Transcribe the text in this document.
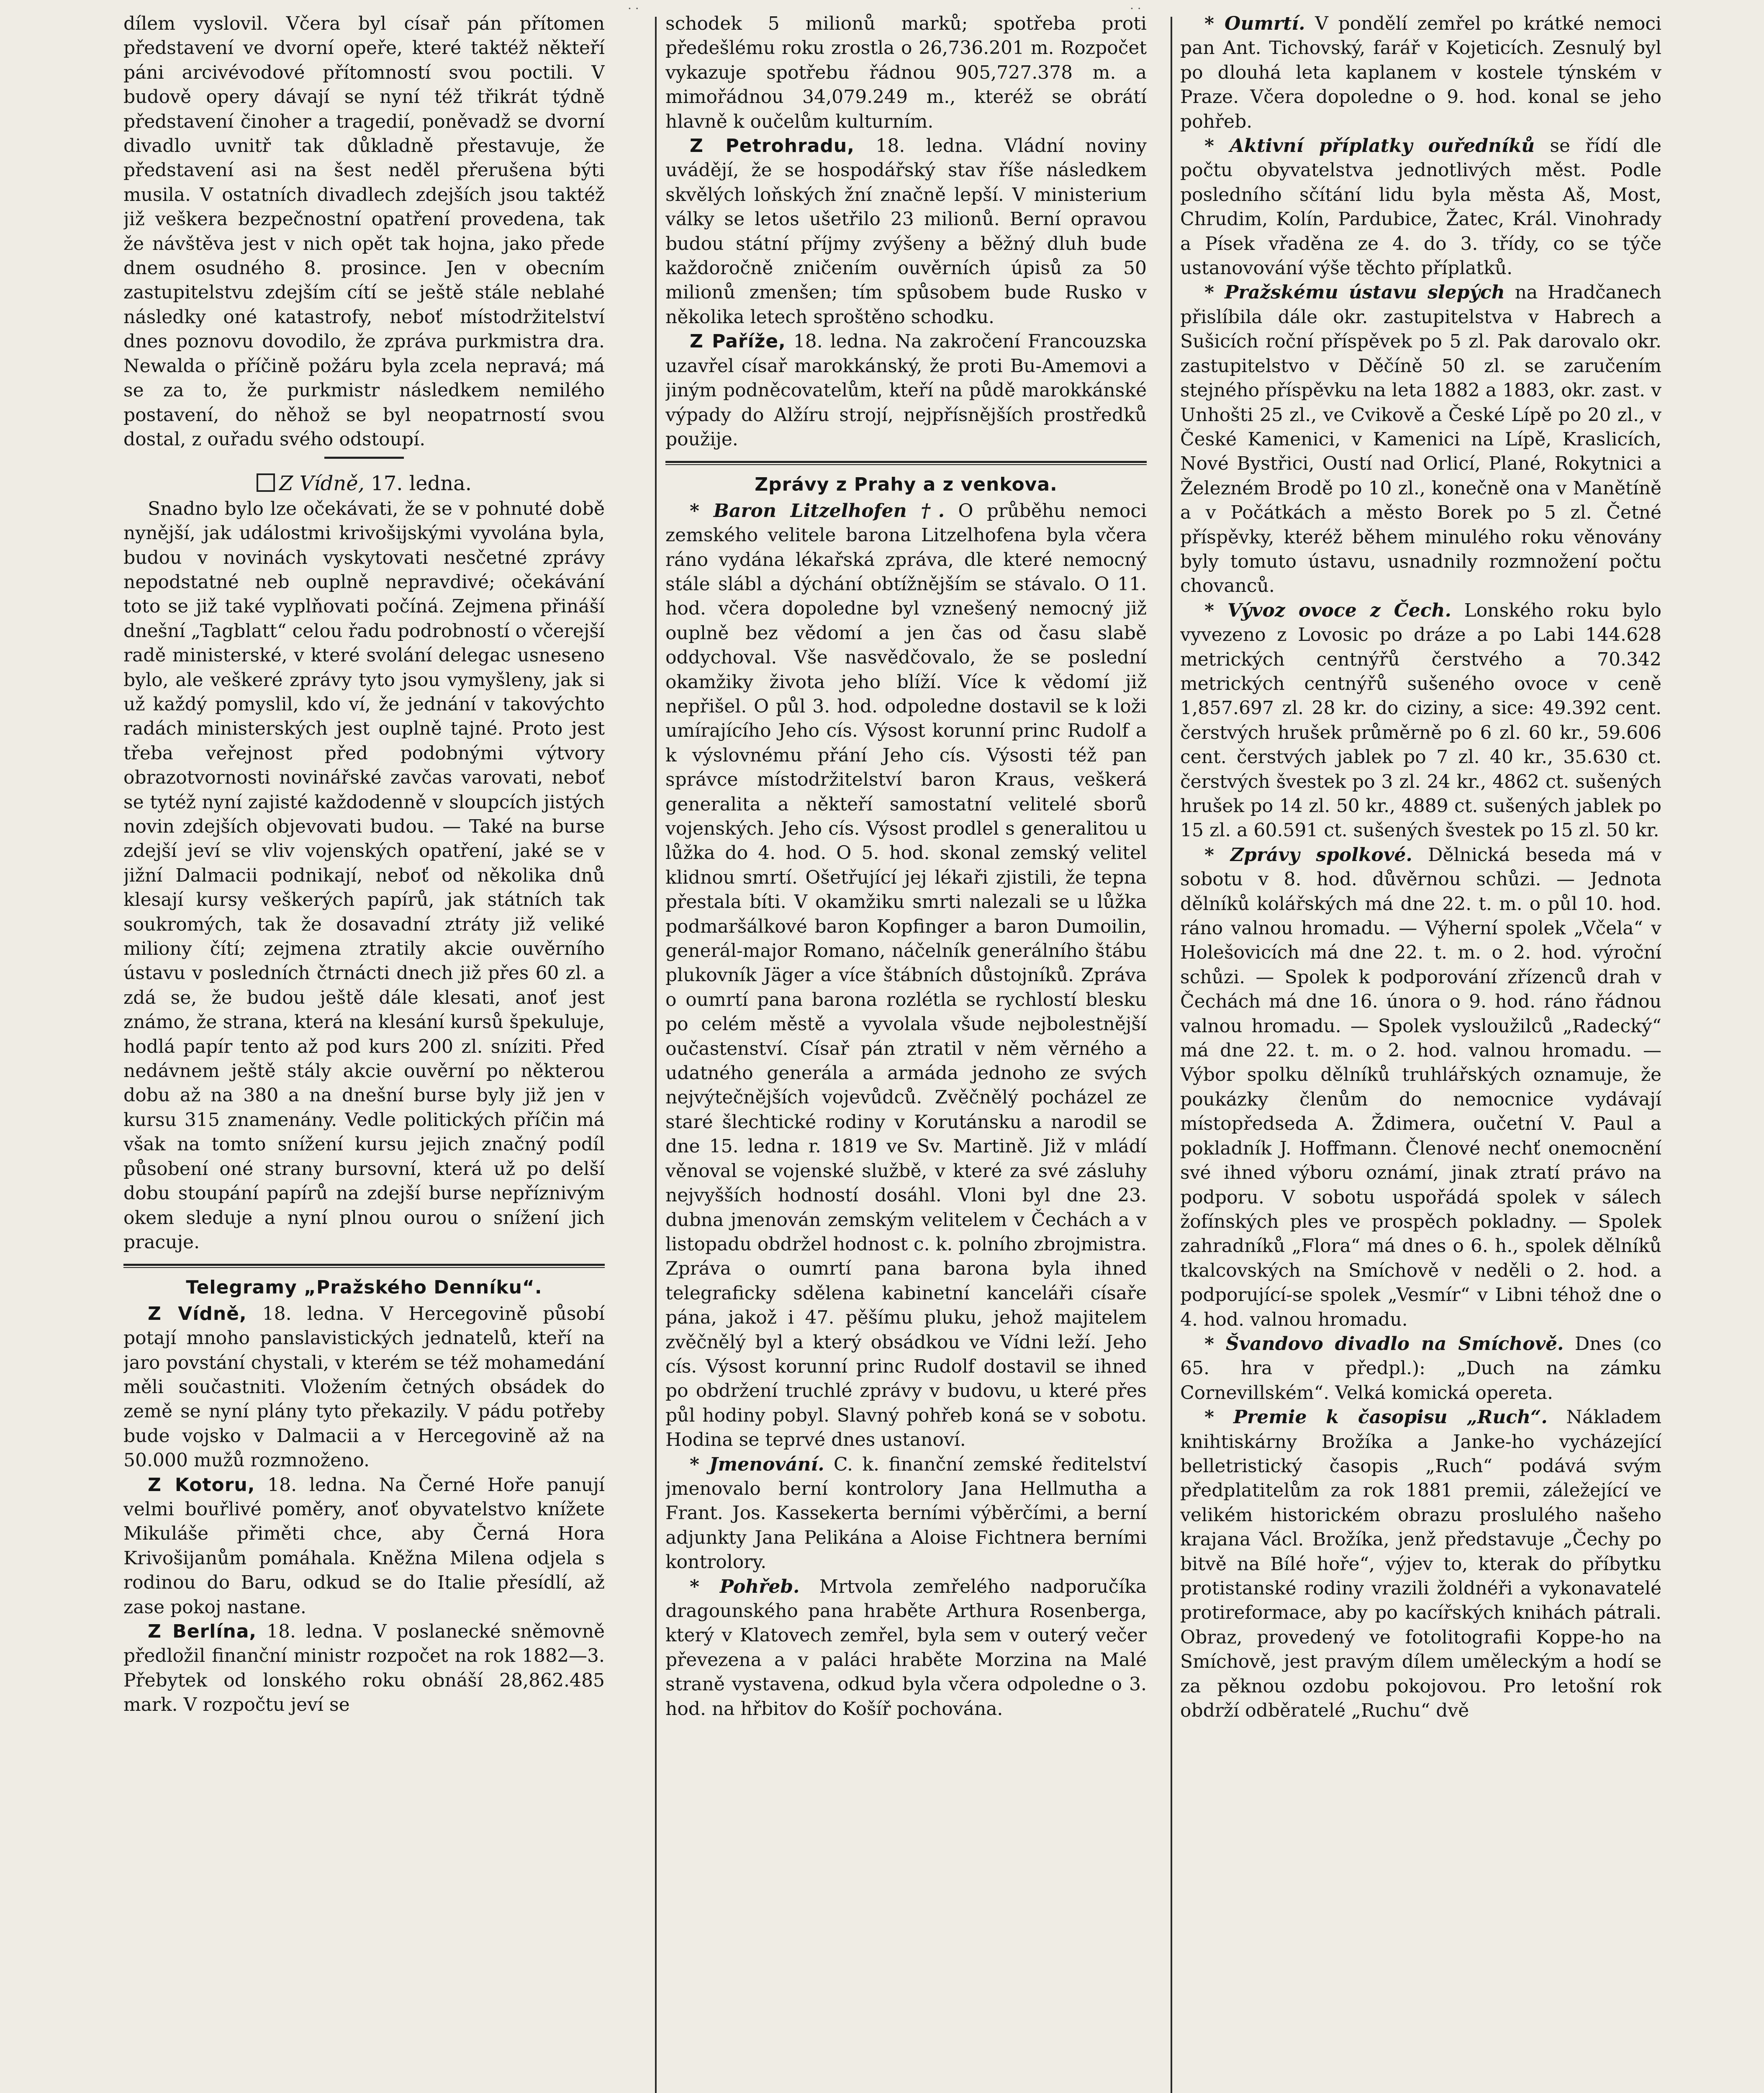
· ·	· ·

dílem vyslovil. Včera byl císař pán přítomen představení ve dvorní opeře, které taktéž někteří páni arcivévodové přítomností svou poctili. V budově opery dávají se nyní též třikrát týdně představení činoher a tragedií, poněvadž se dvorní divadlo uvnitř tak důkladně přestavuje, že představení asi na šest neděl přerušena býti musila. V ostatních divadlech zdejších jsou taktéž již veškera bezpečnostní opatření provedena, tak že návštěva jest v nich opět tak hojna, jako přede dnem osudného 8. prosince. Jen v obecním zastupitelstvu zdejším cítí se ještě stále neblahé následky oné katastrofy, neboť místodržitelství dnes poznovu dovodilo, že zpráva purkmistra dra. Newalda o příčině požáru byla zcela nepravá; má se za to, že purkmistr následkem nemilého postavení, do něhož se byl neopatrností svou dostal, z ouřadu svého odstoupí.

Z Vídně, 17. ledna.

Snadno bylo lze očekávati, že se v pohnuté době nynější, jak událostmi krivošijskými vyvolána byla, budou v novinách vyskytovati nesčetné zprávy nepodstatné neb ouplně nepravdivé; očekávání toto se již také vyplňovati počíná. Zejmena přináší dnešní „Tagblatt“ celou řadu podrobností o včerejší radě ministerské, v které svolání delegac usneseno bylo, ale veškeré zprávy tyto jsou vymyšleny, jak si už každý pomyslil, kdo ví, že jednání v takovýchto radách ministerských jest ouplně tajné. Proto jest třeba veřejnost před podobnými výtvory obrazotvornosti novinářské zavčas varovati, neboť se tytéž nyní zajisté každodenně v sloupcích jistých novin zdejších objevovati budou. — Také na burse zdejší jeví se vliv vojenských opatření, jaké se v jižní Dalmacii podnikají, neboť od několika dnů klesají kursy veškerých papírů, jak státních tak soukromých, tak že dosavadní ztráty již veliké miliony čítí; zejmena ztratily akcie ouvěrního ústavu v posledních čtrnácti dnech již přes 60 zl. a zdá se, že budou ještě dále klesati, anoť jest známo, že strana, která na klesání kursů špekuluje, hodlá papír tento až pod kurs 200 zl. sníziti. Před nedávnem ještě stály akcie ouvěrní po některou dobu až na 380 a na dnešní burse byly již jen v kursu 315 znamenány. Vedle politických příčin má však na tomto snížení kursu jejich značný podíl působení oné strany bursovní, která už po delší dobu stoupání papírů na zdejší burse nepříznivým okem sleduje a nyní plnou ourou o snížení jich pracuje.

Telegramy „Pražského Denníku“.

Z Vídně, 18. ledna. V Hercegovině působí potají mnoho panslavistických jednatelů, kteří na jaro povstání chystali, v kterém se též mohamedání měli součastniti. Vložením četných obsádek do země se nyní plány tyto překazily. V pádu potřeby bude vojsko v Dalmacii a v Hercegovině až na 50.000 mužů rozmnoženo.

Z Kotoru, 18. ledna. Na Černé Hoře panují velmi bouřlivé poměry, anoť obyvatelstvo knížete Mikuláše přiměti chce, aby Černá Hora Krivošijanům pomáhala. Kněžna Milena odjela s rodinou do Baru, odkud se do Italie přesídlí, až zase pokoj nastane.

Z Berlína, 18. ledna. V poslanecké sněmovně předložil finanční ministr rozpočet na rok 1882—3. Přebytek od lonského roku obnáší 28,862.485 mark. V rozpočtu jeví se

schodek 5 milionů marků; spotřeba proti předešlému roku zrostla o 26,736.201 m. Rozpočet vykazuje spotřebu řádnou 905,727.378 m. a mimořádnou 34,079.249 m., kteréž se obrátí hlavně k oučelům kulturním.

Z Petrohradu, 18. ledna. Vládní noviny uvádějí, že se hospodářský stav říše následkem skvělých loňských žní značně lepší. V ministerium války se letos ušetřilo 23 milionů. Berní opravou budou státní příjmy zvýšeny a běžný dluh bude každoročně zničením ouvěrních úpisů za 50 milionů zmenšen; tím spůsobem bude Rusko v několika letech sproštěno schodku.

Z Paříže, 18. ledna. Na zakročení Francouzska uzavřel císař marokkánský, že proti Bu-Amemovi a jiným podněcovatelům, kteří na půdě marokkánské výpady do Alžíru strojí, nejpřísnějších prostředků použije.

Zprávy z Prahy a z venkova.

* Baron Litzelhofen †. O průběhu nemoci zemského velitele barona Litzelhofena byla včera ráno vydána lékařská zpráva, dle které nemocný stále slábl a dýchání obtížnějším se stávalo. O 11. hod. včera dopoledne byl vznešený nemocný již ouplně bez vědomí a jen čas od času slabě oddychoval. Vše nasvědčovalo, že se poslední okamžiky života jeho blíží. Více k vědomí již nepřišel. O půl 3. hod. odpoledne dostavil se k loži umírajícího Jeho cís. Výsost korunní princ Rudolf a k výslovnému přání Jeho cís. Výsosti též pan správce místodržitelství baron Kraus, veškerá generalita a někteří samostatní velitelé sborů vojenských. Jeho cís. Výsost prodlel s generalitou u lůžka do 4. hod. O 5. hod. skonal zemský velitel klidnou smrtí. Ošetřující jej lékaři zjistili, že tepna přestala bíti. V okamžiku smrti nalezali se u lůžka podmaršálkové baron Kopfinger a baron Dumoilin, generál-major Romano, náčelník generálního štábu plukovník Jäger a více štábních důstojníků. Zpráva o oumrtí pana barona rozlétla se rychlostí blesku po celém městě a vyvolala všude nejbolestnější oučastenství. Císař pán ztratil v něm věrného a udatného generála a armáda jednoho ze svých nejvýtečnějších vojevůdců. Zvěčnělý pocházel ze staré šlechtické rodiny v Korutánsku a narodil se dne 15. ledna r. 1819 ve Sv. Martině. Již v mládí věnoval se vojenské službě, v které za své zásluhy nejvyšších hodností dosáhl. Vloni byl dne 23. dubna jmenován zemským velitelem v Čechách a v listopadu obdržel hodnost c. k. polního zbrojmistra. Zpráva o oumrtí pana barona byla ihned telegraficky sdělena kabinetní kanceláři císaře pána, jakož i 47. pěšímu pluku, jehož majitelem zvěčnělý byl a který obsádkou ve Vídni leží. Jeho cís. Výsost korunní princ Rudolf dostavil se ihned po obdržení truchlé zprávy v budovu, u které přes půl hodiny pobyl. Slavný pohřeb koná se v sobotu. Hodina se teprvé dnes ustanoví.

* Jmenování. C. k. finanční zemské ředitelství jmenovalo berní kontrolory Jana Hellmutha a Frant. Jos. Kassekerta berními výběrčími, a berní adjunkty Jana Pelikána a Aloise Fichtnera berními kontrolory.

* Pohřeb. Mrtvola zemřelého nadporučíka dragounského pana hraběte Arthura Rosenberga, který v Klatovech zemřel, byla sem v outerý večer převezena a v paláci hraběte Morzina na Malé straně vystavena, odkud byla včera odpoledne o 3. hod. na hřbitov do Košíř pochována.

* Oumrtí. V pondělí zemřel po krátké nemoci pan Ant. Tichovský, farář v Kojeticích. Zesnulý byl po dlouhá leta kaplanem v kostele týnském v Praze. Včera dopoledne o 9. hod. konal se jeho pohřeb.

* Aktivní příplatky ouředníků se řídí dle počtu obyvatelstva jednotlivých měst. Podle posledního sčítání lidu byla města Aš, Most, Chrudim, Kolín, Pardubice, Žatec, Král. Vinohrady a Písek vřaděna ze 4. do 3. třídy, co se týče ustanovování výše těchto příplatků.

* Pražskému ústavu slepých na Hradčanech přislíbila dále okr. zastupitelstva v Habrech a Sušicích roční příspěvek po 5 zl. Pak darovalo okr. zastupitelstvo v Děčíně 50 zl. se zaručením stejného příspěvku na leta 1882 a 1883, okr. zast. v Unhošti 25 zl., ve Cvikově a České Lípě po 20 zl., v České Kamenici, v Kamenici na Lípě, Kraslicích, Nové Bystřici, Oustí nad Orlicí, Plané, Rokytnici a Železném Brodě po 10 zl., konečně ona v Manětíně a v Počátkách a město Borek po 5 zl. Četné příspěvky, kteréž během minulého roku věnovány byly tomuto ústavu, usnadnily rozmnožení počtu chovanců.

* Vývoz ovoce z Čech. Lonského roku bylo vyvezeno z Lovosic po dráze a po Labi 144.628 metrických centnýřů čerstvého a 70.342 metrických centnýřů sušeného ovoce v ceně 1,857.697 zl. 28 kr. do ciziny, a sice: 49.392 cent. čerstvých hrušek průměrně po 6 zl. 60 kr., 59.606 cent. čerstvých jablek po 7 zl. 40 kr., 35.630 ct. čerstvých švestek po 3 zl. 24 kr., 4862 ct. sušených hrušek po 14 zl. 50 kr., 4889 ct. sušených jablek po 15 zl. a 60.591 ct. sušených švestek po 15 zl. 50 kr.

* Zprávy spolkové. Dělnická beseda má v sobotu v 8. hod. důvěrnou schůzi. — Jednota dělníků kolářských má dne 22. t. m. o půl 10. hod. ráno valnou hromadu. — Výherní spolek „Včela“ v Holešovicích má dne 22. t. m. o 2. hod. výroční schůzi. — Spolek k podporování zřízenců drah v Čechách má dne 16. února o 9. hod. ráno řádnou valnou hromadu. — Spolek vysloužilců „Radecký“ má dne 22. t. m. o 2. hod. valnou hromadu. — Výbor spolku dělníků truhlářských oznamuje, že poukázky členům do nemocnice vydávají místopředseda A. Ždimera, oučetní V. Paul a pokladník J. Hoffmann. Členové nechť onemocnění své ihned výboru oznámí, jinak ztratí právo na podporu. V sobotu uspořádá spolek v sálech žofínských ples ve prospěch pokladny. — Spolek zahradníků „Flora“ má dnes o 6. h., spolek dělníků tkalcovských na Smíchově v neděli o 2. hod. a podporující-se spolek „Vesmír“ v Libni téhož dne o 4. hod. valnou hromadu.

* Švandovo divadlo na Smíchově. Dnes (co 65. hra v předpl.): „Duch na zámku Cornevillském“. Velká komická opereta.

* Premie k časopisu „Ruch“. Nákladem knihtiskárny Brožíka a Janke-ho vycházející belletristický časopis „Ruch“ podává svým předplatitelům za rok 1881 premii, záležející ve velikém historickém obrazu proslulého našeho krajana Václ. Brožíka, jenž představuje „Čechy po bitvě na Bílé hoře“, výjev to, kterak do příbytku protistanské rodiny vrazili žoldnéři a vykonavatelé protireformace, aby po kacířských knihách pátrali. Obraz, provedený ve fotolitografii Koppe-ho na Smíchově, jest pravým dílem uměleckým a hodí se za pěknou ozdobu pokojovou. Pro letošní rok obdrží odběratelé „Ruchu“ dvě
